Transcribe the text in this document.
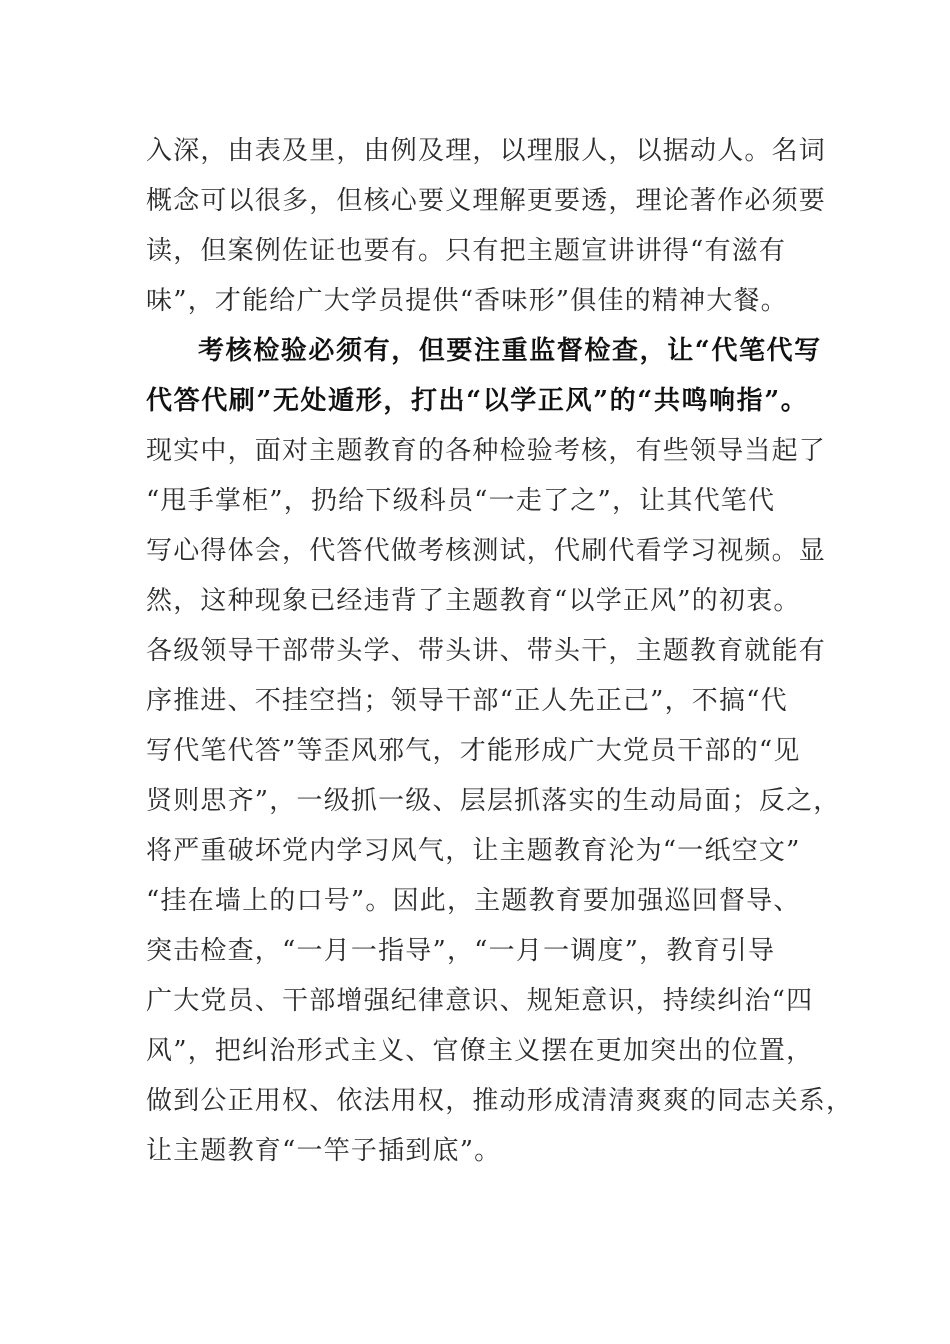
入深，由表及里，由例及理，以理服人，以据动人。名词
概念可以很多，但核心要义理解更要透，理论著作必须要
读，但案例佐证也要有。只有把主题宣讲讲得“有滋有
味”，才能给广大学员提供“香味形”俱佳的精神大餐。
考核检验必须有，但要注重监督检查，让“代笔代写
代答代刷”无处遁形，打出“以学正风”的“共鸣响指”。
现实中，面对主题教育的各种检验考核，有些领导当起了
“甩手掌柜”，扔给下级科员“一走了之”，让其代笔代
写心得体会，代答代做考核测试，代刷代看学习视频。显
然，这种现象已经违背了主题教育“以学正风”的初衷。
各级领导干部带头学、带头讲、带头干，主题教育就能有
序推进、不挂空挡；领导干部“正人先正己”，不搞“代
写代笔代答”等歪风邪气，才能形成广大党员干部的“见
贤则思齐”，一级抓一级、层层抓落实的生动局面；反之，
将严重破坏党内学习风气，让主题教育沦为“一纸空文”
“挂在墙上的口号”。因此，主题教育要加强巡回督导、
突击检查，“一月一指导”，“一月一调度”，教育引导
广大党员、干部增强纪律意识、规矩意识，持续纠治“四
风”，把纠治形式主义、官僚主义摆在更加突出的位置，
做到公正用权、依法用权，推动形成清清爽爽的同志关系，
让主题教育“一竿子插到底”。
